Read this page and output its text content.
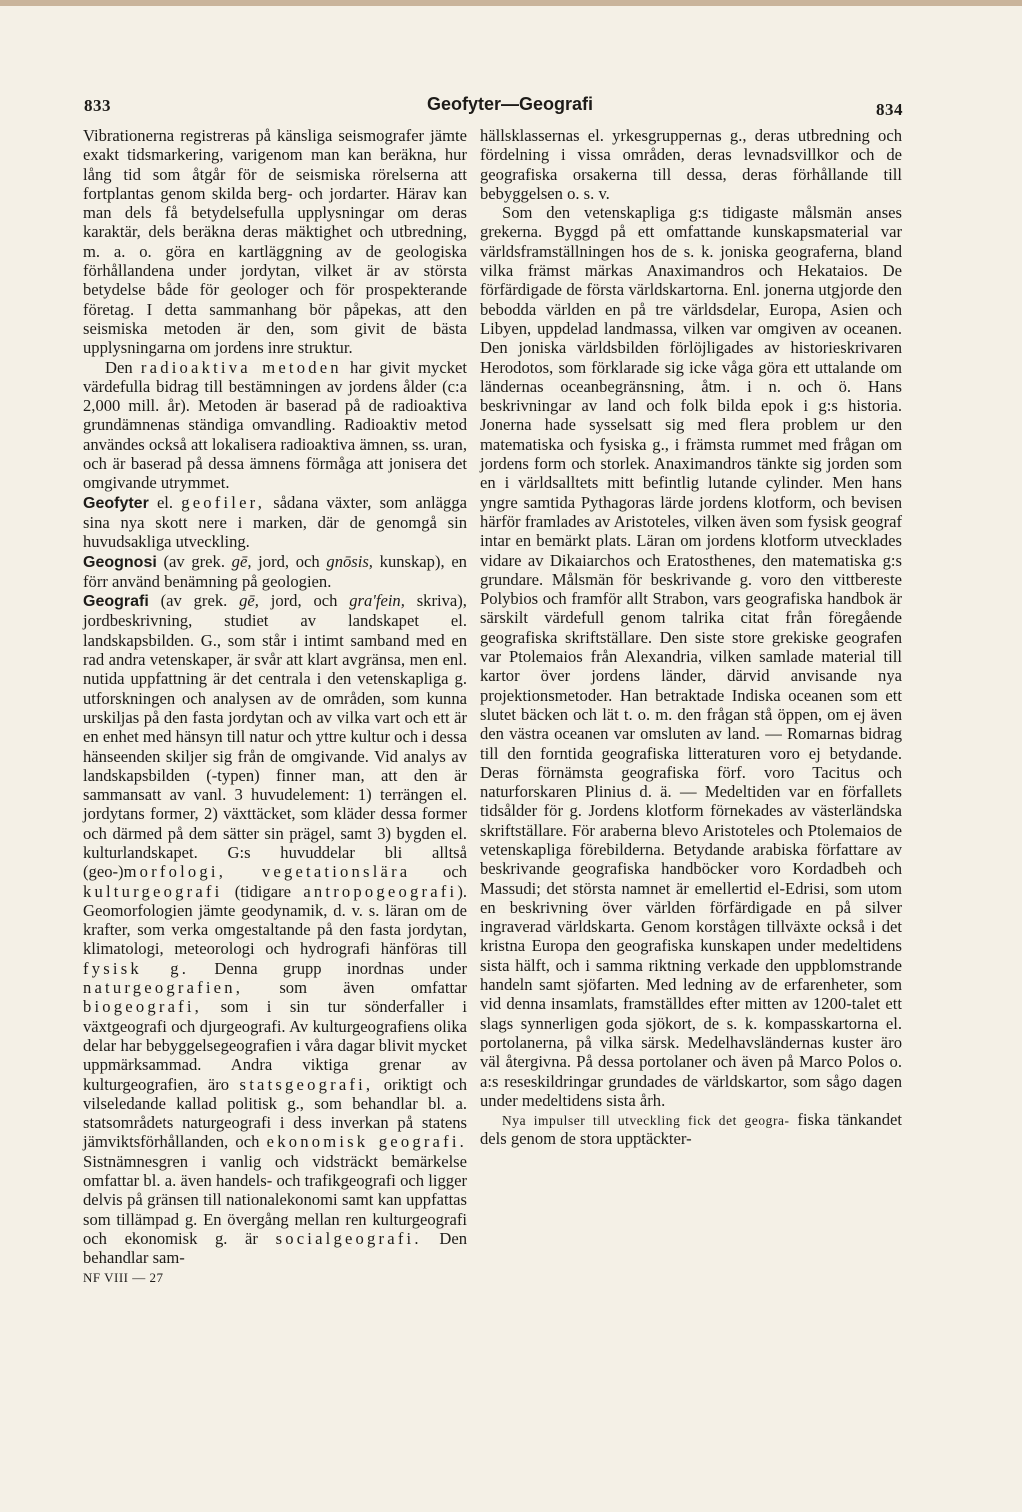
833	Geofyter—Geografi	834

Vibrationerna registreras på känsliga seismografer jämte exakt tidsmarkering, varigenom man kan beräkna, hur lång tid som åtgår för de seismiska rörelserna att fortplantas genom skilda berg- och jordarter. Härav kan man dels få betydelsefulla upplysningar om deras karaktär, dels beräkna deras mäktighet och utbredning, m. a. o. göra en kartläggning av de geologiska förhållandena under jordytan, vilket är av största betydelse både för geologer och för prospekterande företag. I detta sammanhang bör påpekas, att den seismiska metoden är den, som givit de bästa upplysningarna om jordens inre struktur.

Den radioaktiva metoden har givit mycket värdefulla bidrag till bestämningen av jordens ålder (c:a 2,000 mill. år). Metoden är baserad på de radioaktiva grundämnenas ständiga omvandling. Radioaktiv metod användes också att lokalisera radioaktiva ämnen, ss. uran, och är baserad på dessa ämnens förmåga att jonisera det omgivande utrymmet.

Geofyter el. geofiler, sådana växter, som anlägga sina nya skott nere i marken, där de genomgå sin huvudsakliga utveckling.

Geognosi (av grek. gē, jord, och gnōsis, kunskap), en förr använd benämning på geologien.

Geografi (av grek. gē, jord, och gra'fein, skriva), jordbeskrivning, studiet av landskapet el. landskapsbilden. G., som står i intimt samband med en rad andra vetenskaper, är svår att klart avgränsa, men enl. nutida uppfattning är det centrala i den vetenskapliga g. utforskningen och analysen av de områden, som kunna urskiljas på den fasta jordytan och av vilka vart och ett är en enhet med hänsyn till natur och yttre kultur och i dessa hänseenden skiljer sig från de omgivande. Vid analys av landskapsbilden (-typen) finner man, att den är sammansatt av vanl. 3 huvudelement: 1) terrängen el. jordytans former, 2) växttäcket, som kläder dessa former och därmed på dem sätter sin prägel, samt 3) bygden el. kulturlandskapet. G:s huvuddelar bli alltså (geo-)morfologi, vegetationslära och kulturgeografi (tidigare antropogeografi). Geomorfologien jämte geodynamik, d. v. s. läran om de krafter, som verka omgestaltande på den fasta jordytan, klimatologi, meteorologi och hydrografi hänföras till fysisk g. Denna grupp inordnas under naturgeografien, som även omfattar biogeografi, som i sin tur sönderfaller i växtgeografi och djurgeografi. Av kulturgeografiens olika delar har bebyggelsegeografien i våra dagar blivit mycket uppmärksammad. Andra viktiga grenar av kulturgeografien, äro statsgeografi, oriktigt och vilseledande kallad politisk g., som behandlar bl. a. statsområdets naturgeografi i dess inverkan på statens jämviktsförhållanden, och ekonomisk geografi. Sistnämnesgren i vanlig och vidsträckt bemärkelse omfattar bl. a. även handels- och trafikgeografi och ligger delvis på gränsen till nationalekonomi samt kan uppfattas som tillämpad g. En övergång mellan ren kulturgeografi och ekonomisk g. är socialgeografi. Den behandlar sam-

NF VIII — 27

hällsklassernas el. yrkesgruppernas g., deras utbredning och fördelning i vissa områden, deras levnadsvillkor och de geografiska orsakerna till dessa, deras förhållande till bebyggelsen o. s. v.

Som den vetenskapliga g:s tidigaste målsmän anses grekerna. Byggd på ett omfattande kunskapsmaterial var världsframställningen hos de s. k. joniska geograferna, bland vilka främst märkas Anaximandros och Hekataios. De förfärdigade de första världskartorna. Enl. jonerna utgjorde den bebodda världen en på tre världsdelar, Europa, Asien och Libyen, uppdelad landmassa, vilken var omgiven av oceanen. Den joniska världsbilden förlöjligades av historieskrivaren Herodotos, som förklarade sig icke våga göra ett uttalande om ländernas oceanbegränsning, åtm. i n. och ö. Hans beskrivningar av land och folk bilda epok i g:s historia. Jonerna hade sysselsatt sig med flera problem ur den matematiska och fysiska g., i främsta rummet med frågan om jordens form och storlek. Anaximandros tänkte sig jorden som en i världsalltets mitt befintlig lutande cylinder. Men hans yngre samtida Pythagoras lärde jordens klotform, och bevisen härför framlades av Aristoteles, vilken även som fysisk geograf intar en bemärkt plats. Läran om jordens klotform utvecklades vidare av Dikaiarchos och Eratosthenes, den matematiska g:s grundare. Målsmän för beskrivande g. voro den vittbereste Polybios och framför allt Strabon, vars geografiska handbok är särskilt värdefull genom talrika citat från föregående geografiska skriftställare. Den siste store grekiske geografen var Ptolemaios från Alexandria, vilken samlade material till kartor över jordens länder, därvid anvisande nya projektionsmetoder. Han betraktade Indiska oceanen som ett slutet bäcken och lät t. o. m. den frågan stå öppen, om ej även den västra oceanen var omsluten av land. — Romarnas bidrag till den forntida geografiska litteraturen voro ej betydande. Deras förnämsta geografiska förf. voro Tacitus och naturforskaren Plinius d. ä. — Medeltiden var en förfallets tidsålder för g. Jordens klotform förnekades av västerländska skriftställare. För araberna blevo Aristoteles och Ptolemaios de vetenskapliga förebilderna. Betydande arabiska författare av beskrivande geografiska handböcker voro Kordadbeh och Massudi; det största namnet är emellertid el-Edrisi, som utom en beskrivning över världen förfärdigade en på silver ingraverad världskarta. Genom korstågen tillväxte också i det kristna Europa den geografiska kunskapen under medeltidens sista hälft, och i samma riktning verkade den uppblomstrande handeln samt sjöfarten. Med ledning av de erfarenheter, som vid denna insamlats, framställdes efter mitten av 1200-talet ett slags synnerligen goda sjökort, de s. k. kompasskartorna el. portolanerna, på vilka särsk. Medelhavsländernas kuster äro väl återgivna. På dessa portolaner och även på Marco Polos o. a:s reseskildringar grundades de världskartor, som sågo dagen under medeltidens sista årh.

Nya impulser till utveckling fick det geogra- fiska tänkandet dels genom de stora upptäckter-
